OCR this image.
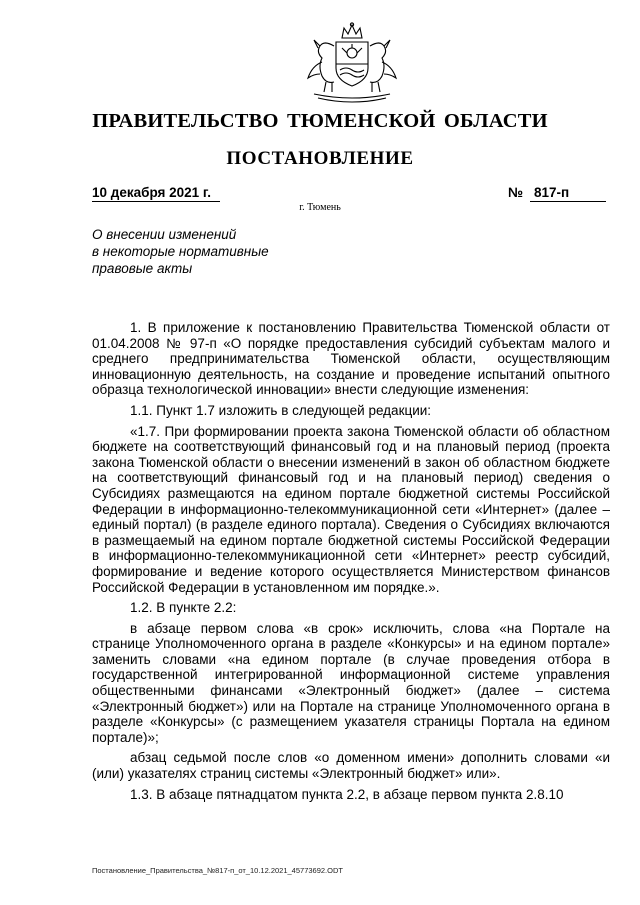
ПРАВИТЕЛЬСТВО ТЮМЕНСКОЙ ОБЛАСТИ
ПОСТАНОВЛЕНИЕ
10 декабря 2021 г.	№ 817-п
г. Тюмень
О внесении изменений
в некоторые нормативные
правовые акты

1. В приложение к постановлению Правительства Тюменской области от 01.04.2008 № 97-п «О порядке предоставления субсидий субъектам малого и среднего предпринимательства Тюменской области, осуществляющим инновационную деятельность, на создание и проведение испытаний опытного образца технологической инновации» внести следующие изменения:

1.1. Пункт 1.7 изложить в следующей редакции:

«1.7. При формировании проекта закона Тюменской области об областном бюджете на соответствующий финансовый год и на плановый период (проекта закона Тюменской области о внесении изменений в закон об областном бюджете на соответствующий финансовый год и на плановый период) сведения о Субсидиях размещаются на едином портале бюджетной системы Российской Федерации в информационно-телекоммуникационной сети «Интернет» (далее – единый портал) (в разделе единого портала). Сведения о Субсидиях включаются в размещаемый на едином портале бюджетной системы Российской Федерации в информационно-телекоммуникационной сети «Интернет» реестр субсидий, формирование и ведение которого осуществляется Министерством финансов Российской Федерации в установленном им порядке.».

1.2. В пункте 2.2:

в абзаце первом слова «в срок» исключить, слова «на Портале на странице Уполномоченного органа в разделе «Конкурсы» и на едином портале» заменить словами «на едином портале (в случае проведения отбора в государственной интегрированной информационной системе управления общественными финансами «Электронный бюджет» (далее – система «Электронный бюджет») или на Портале на странице Уполномоченного органа в разделе «Конкурсы» (с размещением указателя страницы Портала на едином портале)»;

абзац седьмой после слов «о доменном имени» дополнить словами «и (или) указателях страниц системы «Электронный бюджет» или».

1.3. В абзаце пятнадцатом пункта 2.2, в абзаце первом пункта 2.8.10

Постановление_Правительства_№817-п_от_10.12.2021_45773692.ODT
